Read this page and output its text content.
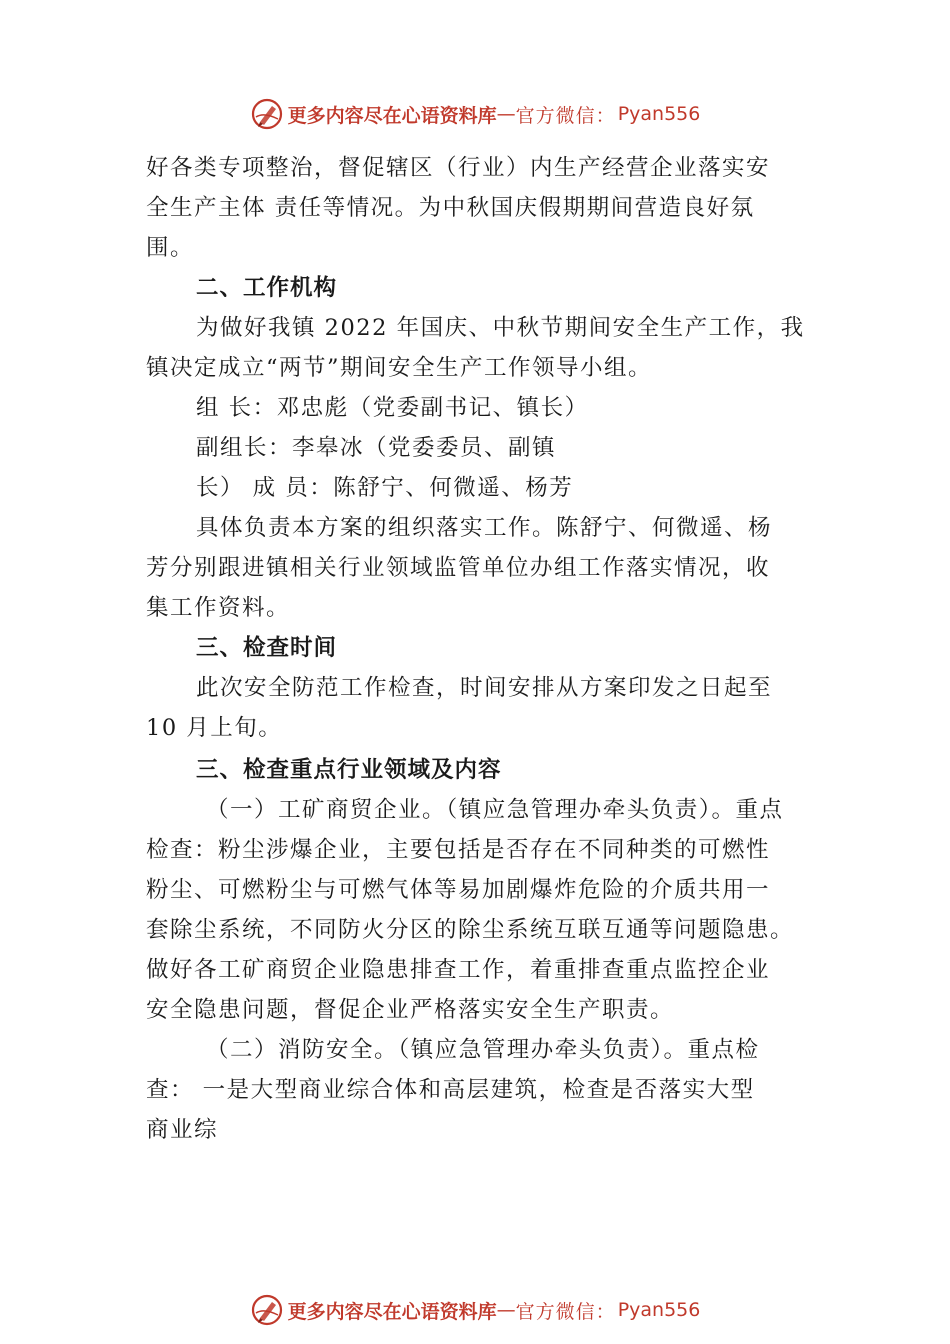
更多内容尽在心语资料库 — 官方微信： Pyan556
好各类专项整治，督促辖区（行业）内生产经营企业落实安
全生产主体 责任等情况。为中秋国庆假期期间营造良好氛
围。
二、工作机构
为做好我镇 2022 年国庆、中秋节期间安全生产工作，我
镇决定成立“两节”期间安全生产工作领导小组。
组 长：邓忠彪（党委副书记、镇长）
副组长：李皋冰（党委委员、副镇
长） 成 员：陈舒宁、何微遥、杨芳
具体负责本方案的组织落实工作。陈舒宁、何微遥、杨
芳分别跟进镇相关行业领域监管单位办组工作落实情况，收
集工作资料。
三、检查时间
此次安全防范工作检查，时间安排从方案印发之日起至
10 月上旬。
三、检查重点行业领域及内容
（一）工矿商贸企业。（镇应急管理办牵头负责）。重点
检查：粉尘涉爆企业，主要包括是否存在不同种类的可燃性
粉尘、可燃粉尘与可燃气体等易加剧爆炸危险的介质共用一
套除尘系统，不同防火分区的除尘系统互联互通等问题隐患。
做好各工矿商贸企业隐患排查工作，着重排查重点监控企业
安全隐患问题，督促企业严格落实安全生产职责。
（二）消防安全。（镇应急管理办牵头负责）。重点检
查： 一是大型商业综合体和高层建筑，检查是否落实大型
商业综
更多内容尽在心语资料库 — 官方微信： Pyan556
